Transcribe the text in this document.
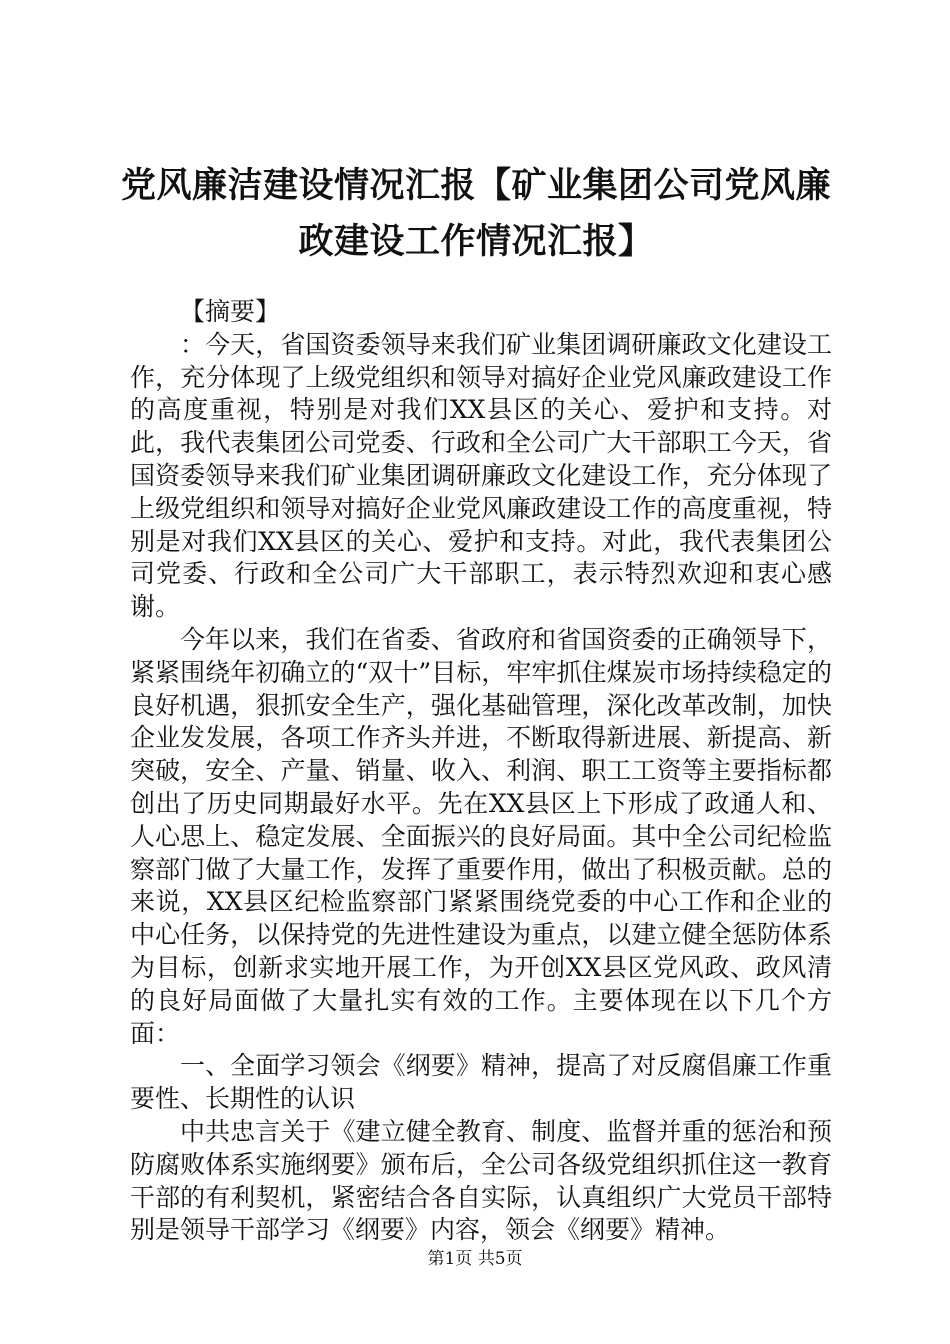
党风廉洁建设情况汇报【矿业集团公司党风廉政建设工作情况汇报】

【摘要】

：今天，省国资委领导来我们矿业集团调研廉政文化建设工作，充分体现了上级党组织和领导对搞好企业党风廉政建设工作的高度重视，特别是对我们XX县区的关心、爱护和支持。对此，我代表集团公司党委、行政和全公司广大干部职工今天，省国资委领导来我们矿业集团调研廉政文化建设工作，充分体现了上级党组织和领导对搞好企业党风廉政建设工作的高度重视，特别是对我们XX县区的关心、爱护和支持。对此，我代表集团公司党委、行政和全公司广大干部职工，表示特烈欢迎和衷心感谢。

今年以来，我们在省委、省政府和省国资委的正确领导下，紧紧围绕年初确立的“双十”目标，牢牢抓住煤炭市场持续稳定的良好机遇，狠抓安全生产，强化基础管理，深化改革改制，加快企业发发展，各项工作齐头并进，不断取得新进展、新提高、新突破，安全、产量、销量、收入、利润、职工工资等主要指标都创出了历史同期最好水平。先在XX县区上下形成了政通人和、人心思上、稳定发展、全面振兴的良好局面。其中全公司纪检监察部门做了大量工作，发挥了重要作用，做出了积极贡献。总的来说，XX县区纪检监察部门紧紧围绕党委的中心工作和企业的中心任务，以保持党的先进性建设为重点，以建立健全惩防体系为目标，创新求实地开展工作，为开创XX县区党风政、政风清的良好局面做了大量扎实有效的工作。主要体现在以下几个方面：

一、全面学习领会《纲要》精神，提高了对反腐倡廉工作重要性、长期性的认识

中共忠言关于《建立健全教育、制度、监督并重的惩治和预防腐败体系实施纲要》颁布后，全公司各级党组织抓住这一教育干部的有利契机，紧密结合各自实际，认真组织广大党员干部特别是领导干部学习《纲要》内容，领会《纲要》精神。

第1页 共5页
